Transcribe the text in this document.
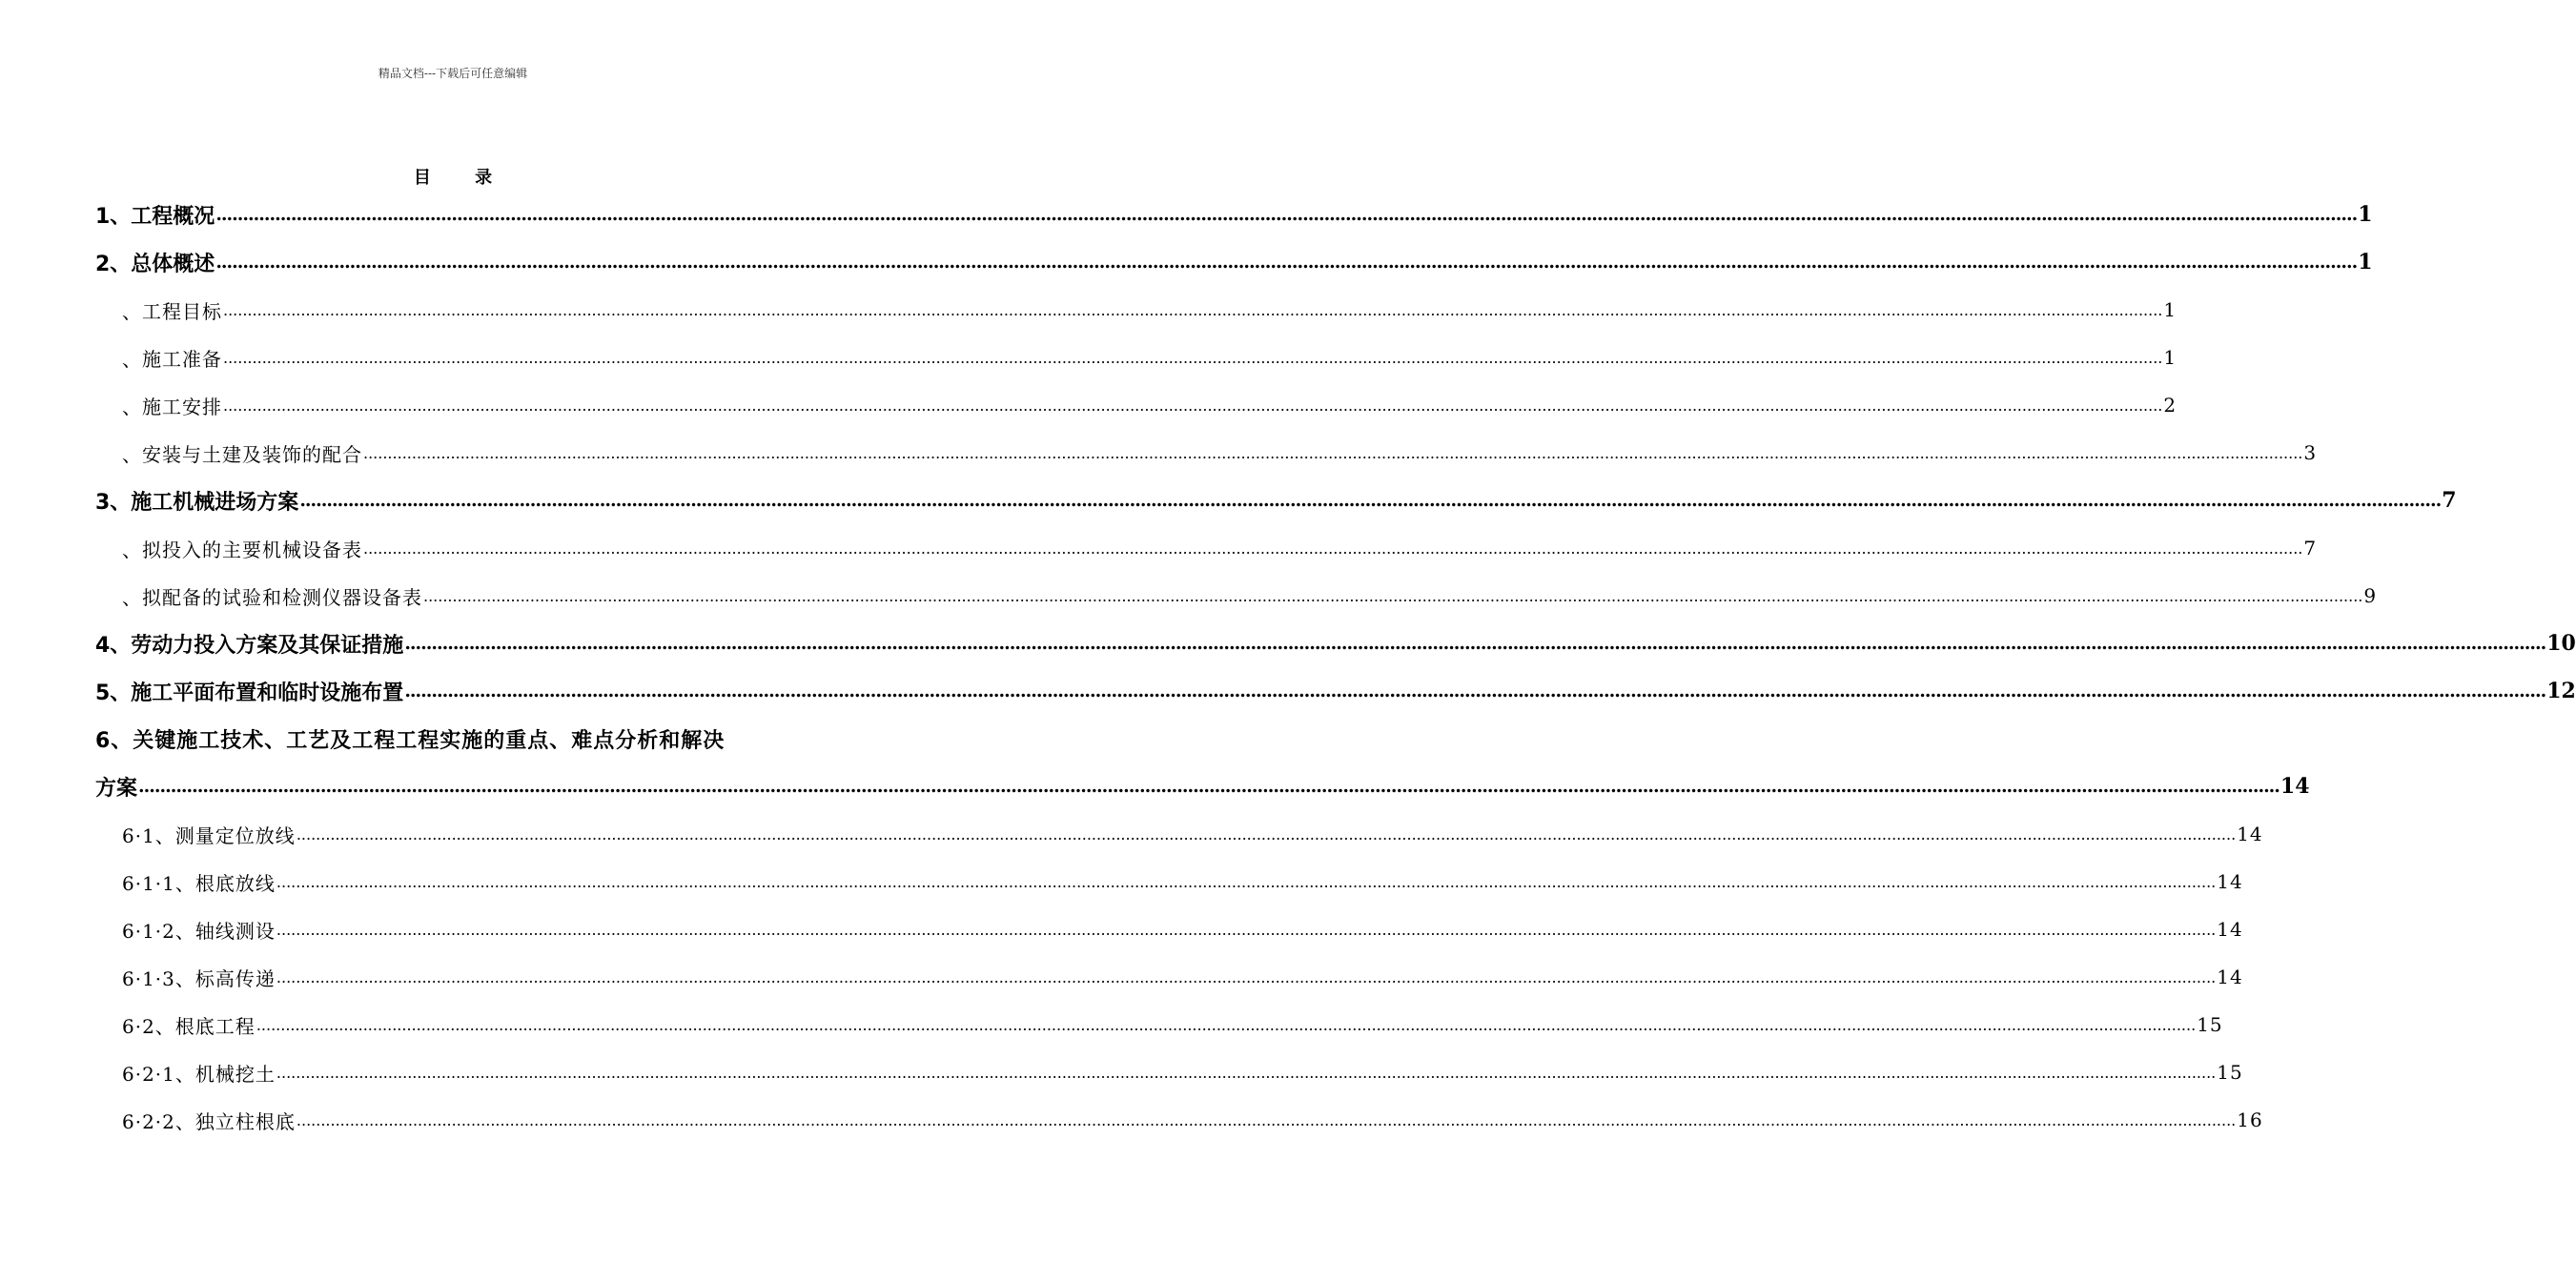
精品文档---下载后可任意编辑
目 录
1、工程概况 ................................................................................................................................................................................................................................................................................................................................................................................................................ 1
2、总体概述 ................................................................................................................................................................................................................................................................................................................................................................................................................ 1
、工程目标 ................................................................................................................................................................................................................................................................................................................................................................................................................ 1
、施工准备 ................................................................................................................................................................................................................................................................................................................................................................................................................ 1
、施工安排 ................................................................................................................................................................................................................................................................................................................................................................................................................ 2
、安装与土建及装饰的配合 ................................................................................................................................................................................................................................................................................................................................................................................................................ 3
3、施工机械进场方案 ................................................................................................................................................................................................................................................................................................................................................................................................................ 7
、拟投入的主要机械设备表 ................................................................................................................................................................................................................................................................................................................................................................................................................ 7
、拟配备的试验和检测仪器设备表 ................................................................................................................................................................................................................................................................................................................................................................................................................ 9
4、劳动力投入方案及其保证措施 ................................................................................................................................................................................................................................................................................................................................................................................................................ 10
5、施工平面布置和临时设施布置 ................................................................................................................................................................................................................................................................................................................................................................................................................ 12
6、关键施工技术、工艺及工程工程实施的重点、难点分析和解决
方案 ................................................................................................................................................................................................................................................................................................................................................................................................................ 14
6·1、测量定位放线 ................................................................................................................................................................................................................................................................................................................................................................................................................ 14
6·1·1、根底放线 ................................................................................................................................................................................................................................................................................................................................................................................................................ 14
6·1·2、轴线测设 ................................................................................................................................................................................................................................................................................................................................................................................................................ 14
6·1·3、标高传递 ................................................................................................................................................................................................................................................................................................................................................................................................................ 14
6·2、根底工程 ................................................................................................................................................................................................................................................................................................................................................................................................................ 15
6·2·1、机械挖土 ................................................................................................................................................................................................................................................................................................................................................................................................................ 15
6·2·2、独立柱根底 ................................................................................................................................................................................................................................................................................................................................................................................................................ 16
